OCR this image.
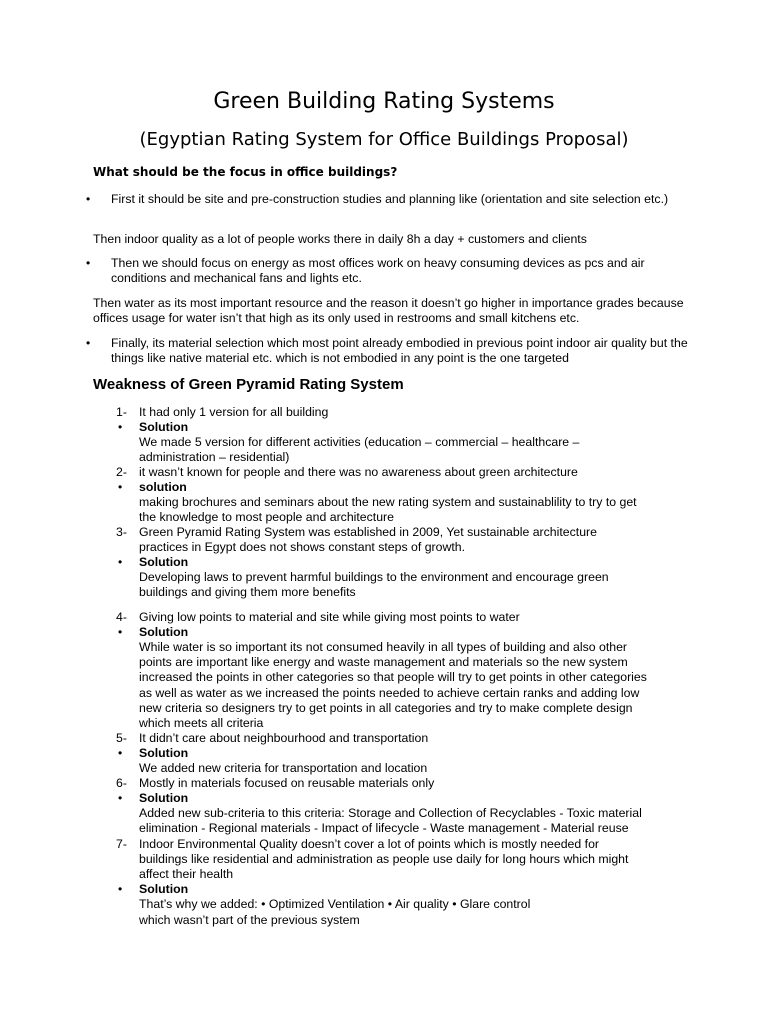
Green Building Rating Systems
(Egyptian Rating System for Office Buildings Proposal)

What should be the focus in office buildings?

• First it should be site and pre-construction studies and planning like (orientation and site selection etc.)

Then indoor quality as a lot of people works there in daily 8h a day + customers and clients

• Then we should focus on energy as most offices work on heavy consuming devices as pcs and air conditions and mechanical fans and lights etc.

Then water as its most important resource and the reason it doesn’t go higher in importance grades because offices usage for water isn’t that high as its only used in restrooms and small kitchens etc.

• Finally, its material selection which most point already embodied in previous point indoor air quality but the things like native material etc. which is not embodied in any point is the one targeted

Weakness of Green Pyramid Rating System

1- It had only 1 version for all building

• Solution

We made 5 version for different activities (education – commercial – healthcare –

administration – residential)

2- it wasn’t known for people and there was no awareness about green architecture

• solution

making brochures and seminars about the new rating system and sustainablility to try to get

the knowledge to most people and architecture

3- Green Pyramid Rating System was established in 2009, Yet sustainable architecture

practices in Egypt does not shows constant steps of growth.

• Solution

Developing laws to prevent harmful buildings to the environment and encourage green

buildings and giving them more benefits

4- Giving low points to material and site while giving most points to water

• Solution

While water is so important its not consumed heavily in all types of building and also other

points are important like energy and waste management and materials so the new system

increased the points in other categories so that people will try to get points in other categories

as well as water as we increased the points needed to achieve certain ranks and adding low

new criteria so designers try to get points in all categories and try to make complete design

which meets all criteria

5- It didn’t care about neighbourhood and transportation

• Solution

We added new criteria for transportation and location

6- Mostly in materials focused on reusable materials only

• Solution

Added new sub-criteria to this criteria: Storage and Collection of Recyclables - Toxic material

elimination - Regional materials - Impact of lifecycle - Waste management - Material reuse

7- Indoor Environmental Quality doesn’t cover a lot of points which is mostly needed for

buildings like residential and administration as people use daily for long hours which might

affect their health

• Solution

That’s why we added: • Optimized Ventilation • Air quality • Glare control

which wasn’t part of the previous system
